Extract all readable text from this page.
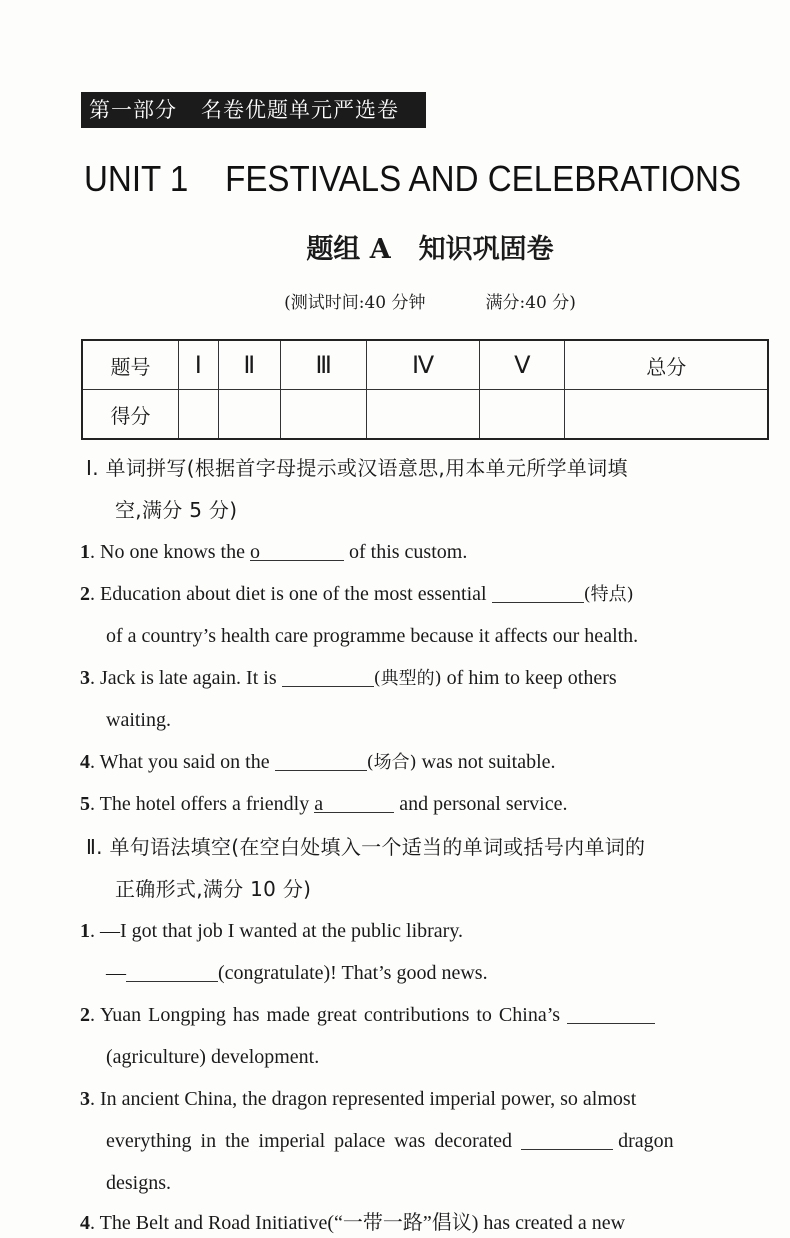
第一部分 名卷优题单元严选卷
UNIT 1 FESTIVALS AND CELEBRATIONS
题组 A 知识巩固卷
(测试时间:40 分钟	满分:40 分)
题号	Ⅰ	Ⅱ	Ⅲ	Ⅳ	Ⅴ	总分
得分						
Ⅰ. 单词拼写(根据首字母提示或汉语意思,用本单元所学单词填
空,满分 5 分)
1. No one knows the o	of this custom.
2. Education about diet is one of the most essential	(特点)
of a country’s health care programme because it affects our health.
3. Jack is late again. It is	(典型的) of him to keep others
waiting.
4. What you said on the	(场合) was not suitable.
5. The hotel offers a friendly a	and personal service.
Ⅱ. 单句语法填空(在空白处填入一个适当的单词或括号内单词的
正确形式,满分 10 分)
1. —I got that job I wanted at the public library.
—	(congratulate)! That’s good news.
2. Yuan Longping has made great contributions to China’s
(agriculture) development.
3. In ancient China, the dragon represented imperial power, so almost
everything in the imperial palace was decorated	dragon
designs.
4. The Belt and Road Initiative(“一带一路”倡议) has created a new
